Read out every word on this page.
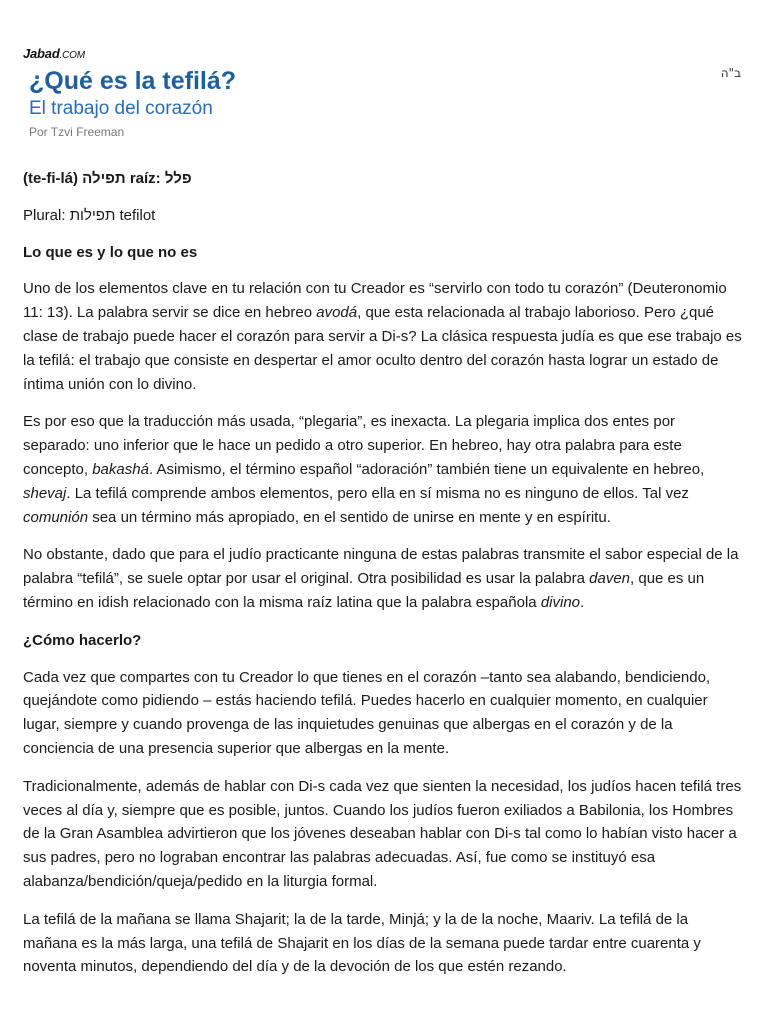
Jabad.COM
ב"ה
¿Qué es la tefilá?
El trabajo del corazón
Por Tzvi Freeman

(te-fi-lá) תפילה raíz: פלל

Plural: תפילות tefilot

Lo que es y lo que no es

Uno de los elementos clave en tu relación con tu Creador es “servirlo con todo tu corazón” (Deuteronomio 11: 13). La palabra servir se dice en hebreo avodá, que esta relacionada al trabajo laborioso. Pero ¿qué clase de trabajo puede hacer el corazón para servir a Di-s? La clásica respuesta judía es que ese trabajo es la tefilá: el trabajo que consiste en despertar el amor oculto dentro del corazón hasta lograr un estado de íntima unión con lo divino.

Es por eso que la traducción más usada, “plegaria”, es inexacta. La plegaria implica dos entes por separado: uno inferior que le hace un pedido a otro superior. En hebreo, hay otra palabra para este concepto, bakashá. Asimismo, el término español “adoración” también tiene un equivalente en hebreo, shevaj. La tefilá comprende ambos elementos, pero ella en sí misma no es ninguno de ellos. Tal vez comunión sea un término más apropiado, en el sentido de unirse en mente y en espíritu.

No obstante, dado que para el judío practicante ninguna de estas palabras transmite el sabor especial de la palabra “tefilá”, se suele optar por usar el original. Otra posibilidad es usar la palabra daven, que es un término en idish relacionado con la misma raíz latina que la palabra española divino.

¿Cómo hacerlo?

Cada vez que compartes con tu Creador lo que tienes en el corazón –tanto sea alabando, bendiciendo, quejándote como pidiendo – estás haciendo tefilá. Puedes hacerlo en cualquier momento, en cualquier lugar, siempre y cuando provenga de las inquietudes genuinas que albergas en el corazón y de la conciencia de una presencia superior que albergas en la mente.

Tradicionalmente, además de hablar con Di-s cada vez que sienten la necesidad, los judíos hacen tefilá tres veces al día y, siempre que es posible, juntos. Cuando los judíos fueron exiliados a Babilonia, los Hombres de la Gran Asamblea advirtieron que los jóvenes deseaban hablar con Di-s tal como lo habían visto hacer a sus padres, pero no lograban encontrar las palabras adecuadas. Así, fue como se instituyó esa alabanza/bendición/queja/pedido en la liturgia formal.

La tefilá de la mañana se llama Shajarit; la de la tarde, Minjá; y la de la noche, Maariv. La tefilá de la mañana es la más larga, una tefilá de Shajarit en los días de la semana puede tardar entre cuarenta y noventa minutos, dependiendo del día y de la devoción de los que estén rezando.
